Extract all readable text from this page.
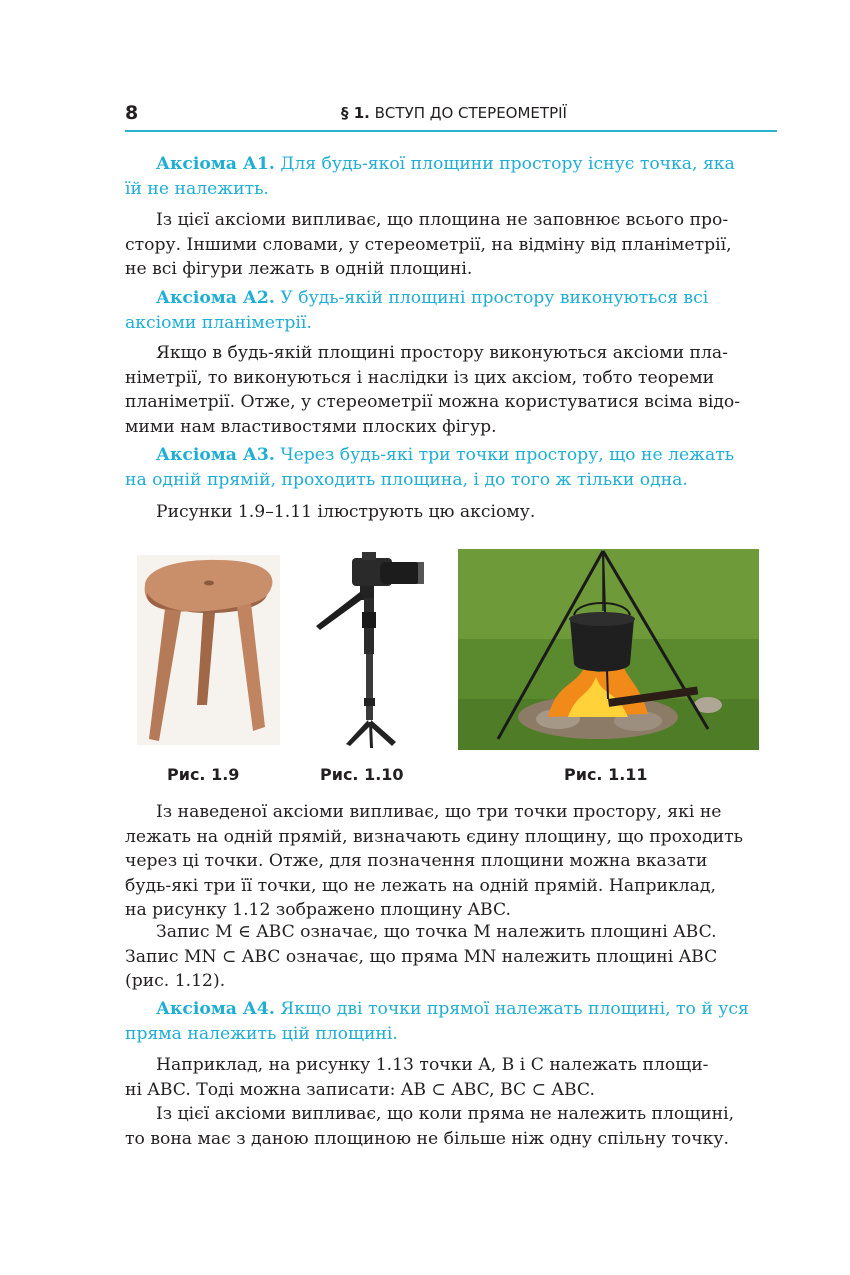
8	§ 1. ВСТУП ДО СТЕРЕОМЕТРІЇ
Аксіома А1. Для будь-якої площини простору існує точка, яка
їй не належить.
Із цієї аксіоми випливає, що площина не заповнює всього про-
стору. Іншими словами, у стереометрії, на відміну від планіметрії,
не всі фігури лежать в одній площині.
Аксіома А2. У будь-якій площині простору виконуються всі
аксіоми планіметрії.
Якщо в будь-якій площині простору виконуються аксіоми пла-
німетрії, то виконуються і наслідки із цих аксіом, тобто теореми
планіметрії. Отже, у стереометрії можна користуватися всіма відо-
мими нам властивостями плоских фігур.
Аксіома А3. Через будь-які три точки простору, що не лежать
на одній прямій, проходить площина, і до того ж тільки одна.
Рисунки 1.9–1.11 ілюструють цю аксіому.
Рис. 1.9	Рис. 1.10	Рис. 1.11
Із наведеної аксіоми випливає, що три точки простору, які не
лежать на одній прямій, визначають єдину площину, що проходить
через ці точки. Отже, для позначення площини можна вказати
будь-які три її точки, що не лежать на одній прямій. Наприклад,
на рисунку 1.12 зображено площину ABC.
Запис M ∈ ABC означає, що точка M належить площині ABC.
Запис MN ⊂ ABC означає, що пряма MN належить площині ABC
(рис. 1.12).
Аксіома А4. Якщо дві точки прямої належать площині, то й уся
пряма належить цій площині.
Наприклад, на рисунку 1.13 точки A, B і C належать площи-
ні ABC. Тоді можна записати: AB ⊂ ABC, BC ⊂ ABC.
Із цієї аксіоми випливає, що коли пряма не належить площині,
то вона має з даною площиною не більше ніж одну спільну точку.
